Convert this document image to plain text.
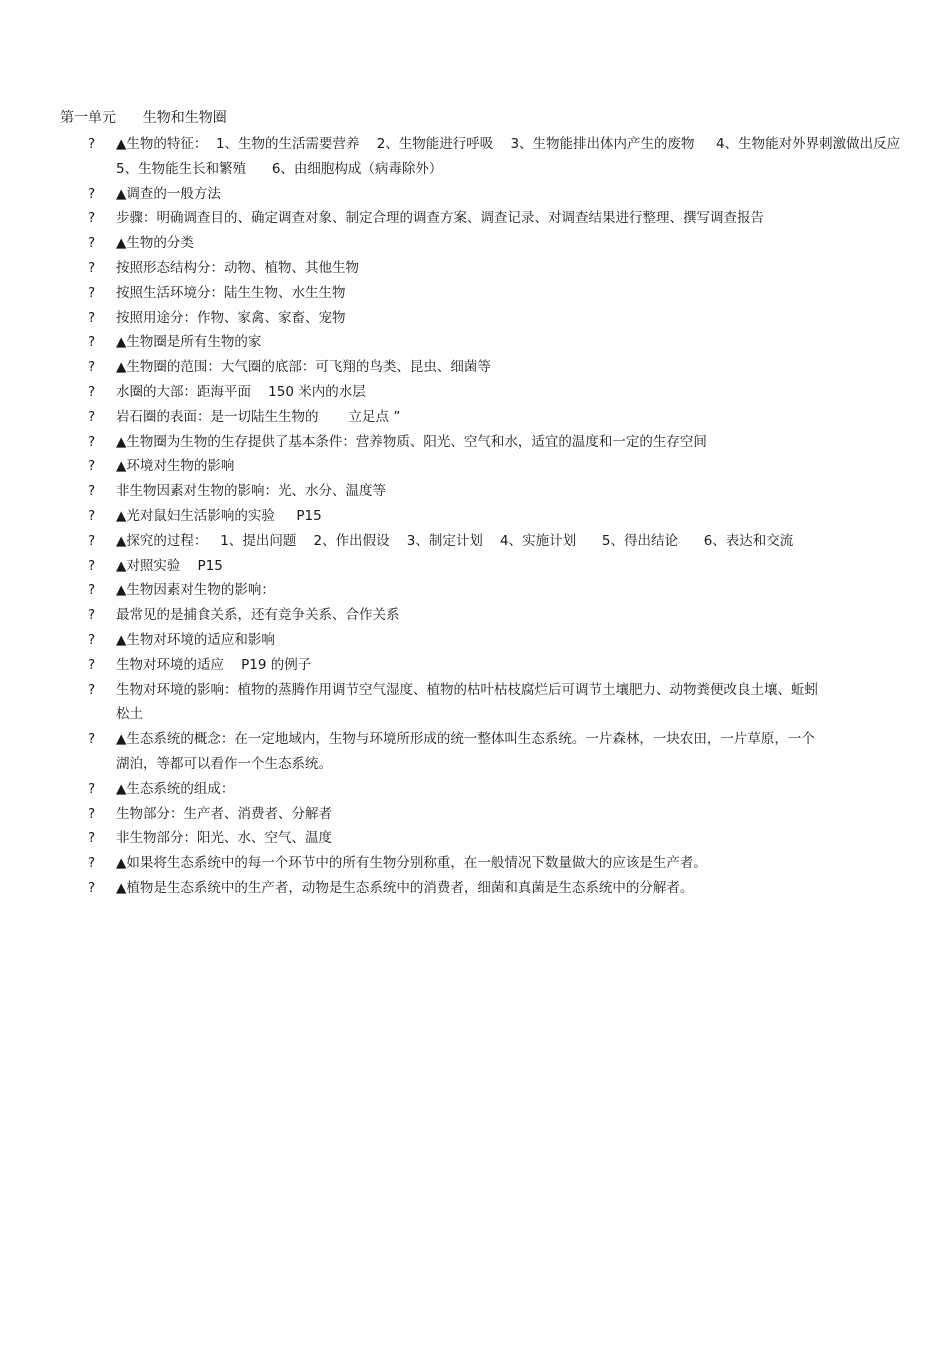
第一单元      生物和生物圈
?	▲生物的特征：  1、生物的生活需要营养    2、生物能进行呼吸    3、生物能排出体内产生的废物     4、生物能对外界刺激做出反应     5、生物能生长和繁殖      6、由细胞构成（病毒除外）
?	▲调查的一般方法
?	步骤：明确调查目的、确定调查对象、制定合理的调查方案、调查记录、对调查结果进行整理、撰写调查报告
?	▲生物的分类
?	按照形态结构分：动物、植物、其他生物
?	按照生活环境分：陆生生物、水生生物
?	按照用途分：作物、家禽、家畜、宠物
?	▲生物圈是所有生物的家
?	▲生物圈的范围：大气圈的底部：可飞翔的鸟类、昆虫、细菌等
?	水圈的大部：距海平面    150 米内的水层
?	岩石圈的表面：是一切陆生生物的       立足点 ”
?	▲生物圈为生物的生存提供了基本条件：营养物质、阳光、空气和水，适宜的温度和一定的生存空间
?	▲环境对生物的影响
?	非生物因素对生物的影响：光、水分、温度等
?	▲光对鼠妇生活影响的实验     P15
?	▲探究的过程：   1、提出问题    2、作出假设    3、制定计划    4、实施计划      5、得出结论      6、表达和交流
?	▲对照实验    P15
?	▲生物因素对生物的影响：
?	最常见的是捕食关系，还有竞争关系、合作关系
?	▲生物对环境的适应和影响
?	生物对环境的适应    P19 的例子
?	生物对环境的影响：植物的蒸腾作用调节空气湿度、植物的枯叶枯枝腐烂后可调节土壤肥力、动物粪便改良土壤、蚯蚓松土
?	▲生态系统的概念：在一定地域内，生物与环境所形成的统一整体叫生态系统。一片森林，一块农田，一片草原，一个湖泊，等都可以看作一个生态系统。
?	▲生态系统的组成：
?	生物部分：生产者、消费者、分解者
?	非生物部分：阳光、水、空气、温度
?	▲如果将生态系统中的每一个环节中的所有生物分别称重，在一般情况下数量做大的应该是生产者。
?	▲植物是生态系统中的生产者，动物是生态系统中的消费者，细菌和真菌是生态系统中的分解者。
